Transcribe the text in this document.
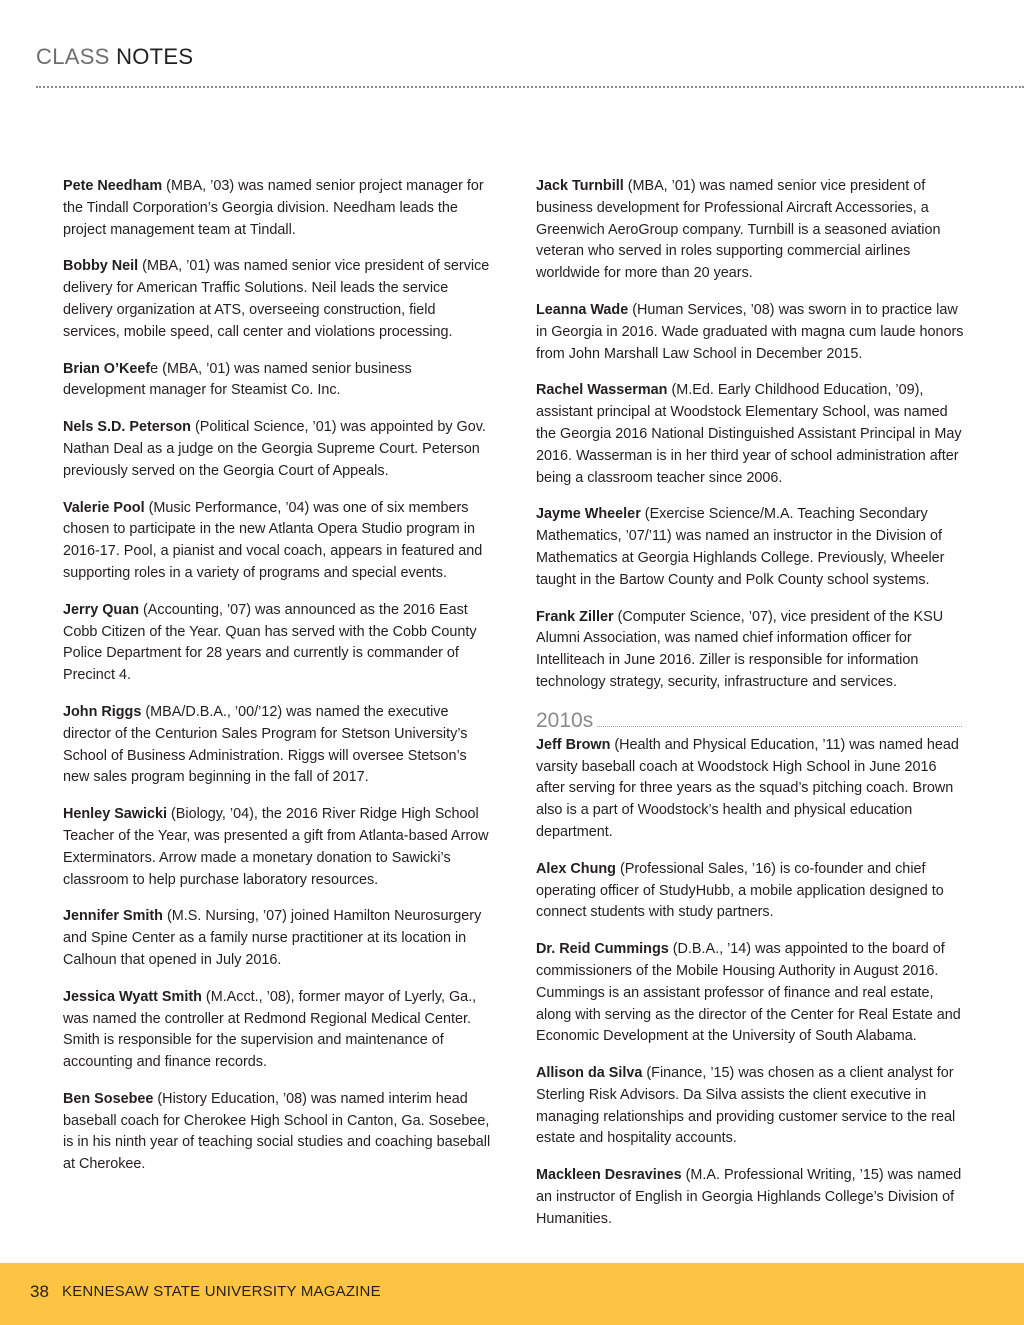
CLASS NOTES

Pete Needham (MBA, ’03) was named senior project manager for the Tindall Corporation’s Georgia division. Needham leads the project management team at Tindall.

Bobby Neil (MBA, ’01) was named senior vice president of service delivery for American Traffic Solutions. Neil leads the service delivery organization at ATS, overseeing construction, field services, mobile speed, call center and violations processing.

Brian O’Keefe (MBA, ’01) was named senior business development manager for Steamist Co. Inc.

Nels S.D. Peterson (Political Science, ’01) was appointed by Gov. Nathan Deal as a judge on the Georgia Supreme Court. Peterson previously served on the Georgia Court of Appeals.

Valerie Pool (Music Performance, ’04) was one of six members chosen to participate in the new Atlanta Opera Studio program in 2016-17. Pool, a pianist and vocal coach, appears in featured and supporting roles in a variety of programs and special events.

Jerry Quan (Accounting, ’07) was announced as the 2016 East Cobb Citizen of the Year. Quan has served with the Cobb County Police Department for 28 years and currently is commander of Precinct 4.

John Riggs (MBA/D.B.A., ’00/’12) was named the executive director of the Centurion Sales Program for Stetson University’s School of Business Administration. Riggs will oversee Stetson’s new sales program beginning in the fall of 2017.

Henley Sawicki (Biology, ’04), the 2016 River Ridge High School Teacher of the Year, was presented a gift from Atlanta-based Arrow Exterminators. Arrow made a monetary donation to Sawicki’s classroom to help purchase laboratory resources.

Jennifer Smith (M.S. Nursing, ’07) joined Hamilton Neurosurgery and Spine Center as a family nurse practitioner at its location in Calhoun that opened in July 2016.

Jessica Wyatt Smith (M.Acct., ’08), former mayor of Lyerly, Ga., was named the controller at Redmond Regional Medical Center. Smith is responsible for the supervision and maintenance of accounting and finance records.

Ben Sosebee (History Education, ’08) was named interim head baseball coach for Cherokee High School in Canton, Ga. Sosebee, is in his ninth year of teaching social studies and coaching baseball at Cherokee.

Jack Turnbill (MBA, ’01) was named senior vice president of business development for Professional Aircraft Accessories, a Greenwich AeroGroup company. Turnbill is a seasoned aviation veteran who served in roles supporting commercial airlines worldwide for more than 20 years.

Leanna Wade (Human Services, ’08) was sworn in to practice law in Georgia in 2016. Wade graduated with magna cum laude honors from John Marshall Law School in December 2015.

Rachel Wasserman (M.Ed. Early Childhood Education, ’09), assistant principal at Woodstock Elementary School, was named the Georgia 2016 National Distinguished Assistant Principal in May 2016. Wasserman is in her third year of school administration after being a classroom teacher since 2006.

Jayme Wheeler (Exercise Science/M.A. Teaching Secondary Mathematics, ’07/’11) was named an instructor in the Division of Mathematics at Georgia Highlands College. Previously, Wheeler taught in the Bartow County and Polk County school systems.

Frank Ziller (Computer Science, ’07), vice president of the KSU Alumni Association, was named chief information officer for Intelliteach in June 2016. Ziller is responsible for information technology strategy, security, infrastructure and services.

2010s

Jeff Brown (Health and Physical Education, ’11) was named head varsity baseball coach at Woodstock High School in June 2016 after serving for three years as the squad’s pitching coach. Brown also is a part of Woodstock’s health and physical education department.

Alex Chung (Professional Sales, ’16) is co-founder and chief operating officer of StudyHubb, a mobile application designed to connect students with study partners.

Dr. Reid Cummings (D.B.A., ’14) was appointed to the board of commissioners of the Mobile Housing Authority in August 2016. Cummings is an assistant professor of finance and real estate, along with serving as the director of the Center for Real Estate and Economic Development at the University of South Alabama.

Allison da Silva (Finance, ’15) was chosen as a client analyst for Sterling Risk Advisors. Da Silva assists the client executive in managing relationships and providing customer service to the real estate and hospitality accounts.

Mackleen Desravines (M.A. Professional Writing, ’15) was named an instructor of English in Georgia Highlands College’s Division of Humanities.

38 KENNESAW STATE UNIVERSITY MAGAZINE
